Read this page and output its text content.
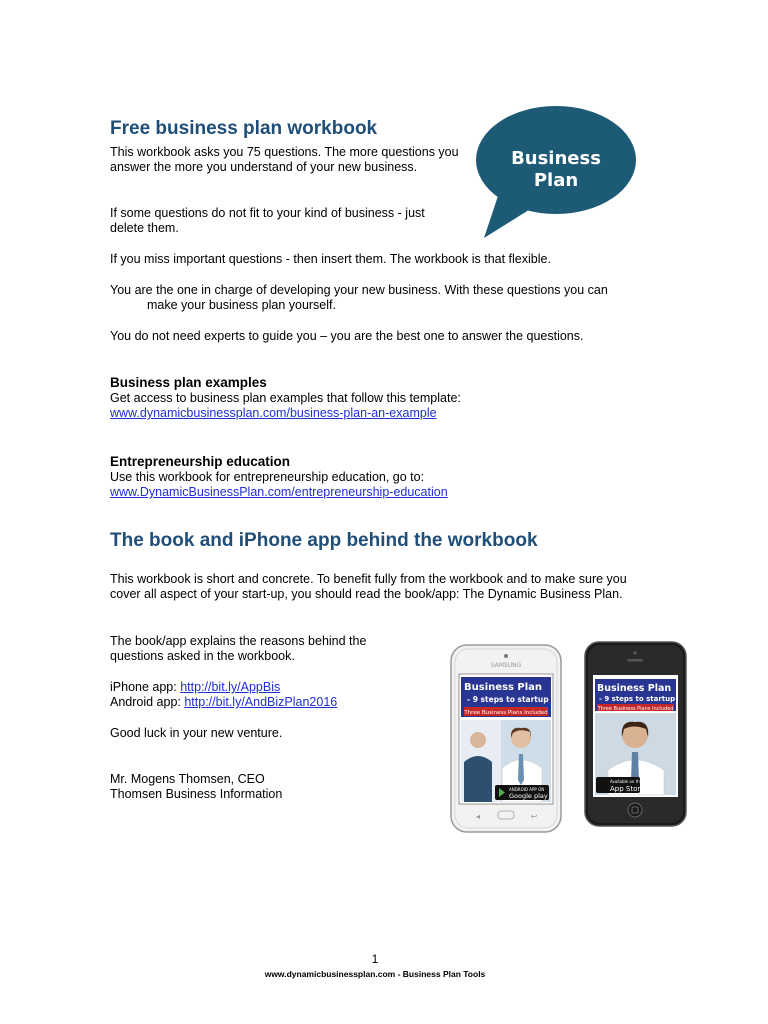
Free business plan workbook

This workbook asks you 75 questions. The more questions you answer the more you understand of your new business.

If some questions do not fit to your kind of business - just delete them.

If you miss important questions - then insert them. The workbook is that flexible.

You are the one in charge of developing your new business. With these questions you can make your business plan yourself.

You do not need experts to guide you – you are the best one to answer the questions.

Business
Plan
Business plan examples
Get access to business plan examples that follow this template:
www.dynamicbusinessplan.com/business-plan-an-example
Entrepreneurship education
Use this workbook for entrepreneurship education, go to:
www.DynamicBusinessPlan.com/entrepreneurship-education
The book and iPhone app behind the workbook

This workbook is short and concrete. To benefit fully from the workbook and to make sure you cover all aspect of your start-up, you should read the book/app: The Dynamic Business Plan.

The book/app explains the reasons behind the questions asked in the workbook.

iPhone app: http://bit.ly/AppBis
Android app: http://bit.ly/AndBizPlan2016
Good luck in your new venture.
Mr. Mogens Thomsen, CEO
Thomsen Business Information
SAMSUNG
Business Plan
- 9 steps to startup
Three Business Plans Included
ANDROID APP ON
Google play
◂	↩
Business Plan
- 9 steps to startup
Three Business Plans Included
Available on the
App Store
1
www.dynamicbusinessplan.com - Business Plan Tools
